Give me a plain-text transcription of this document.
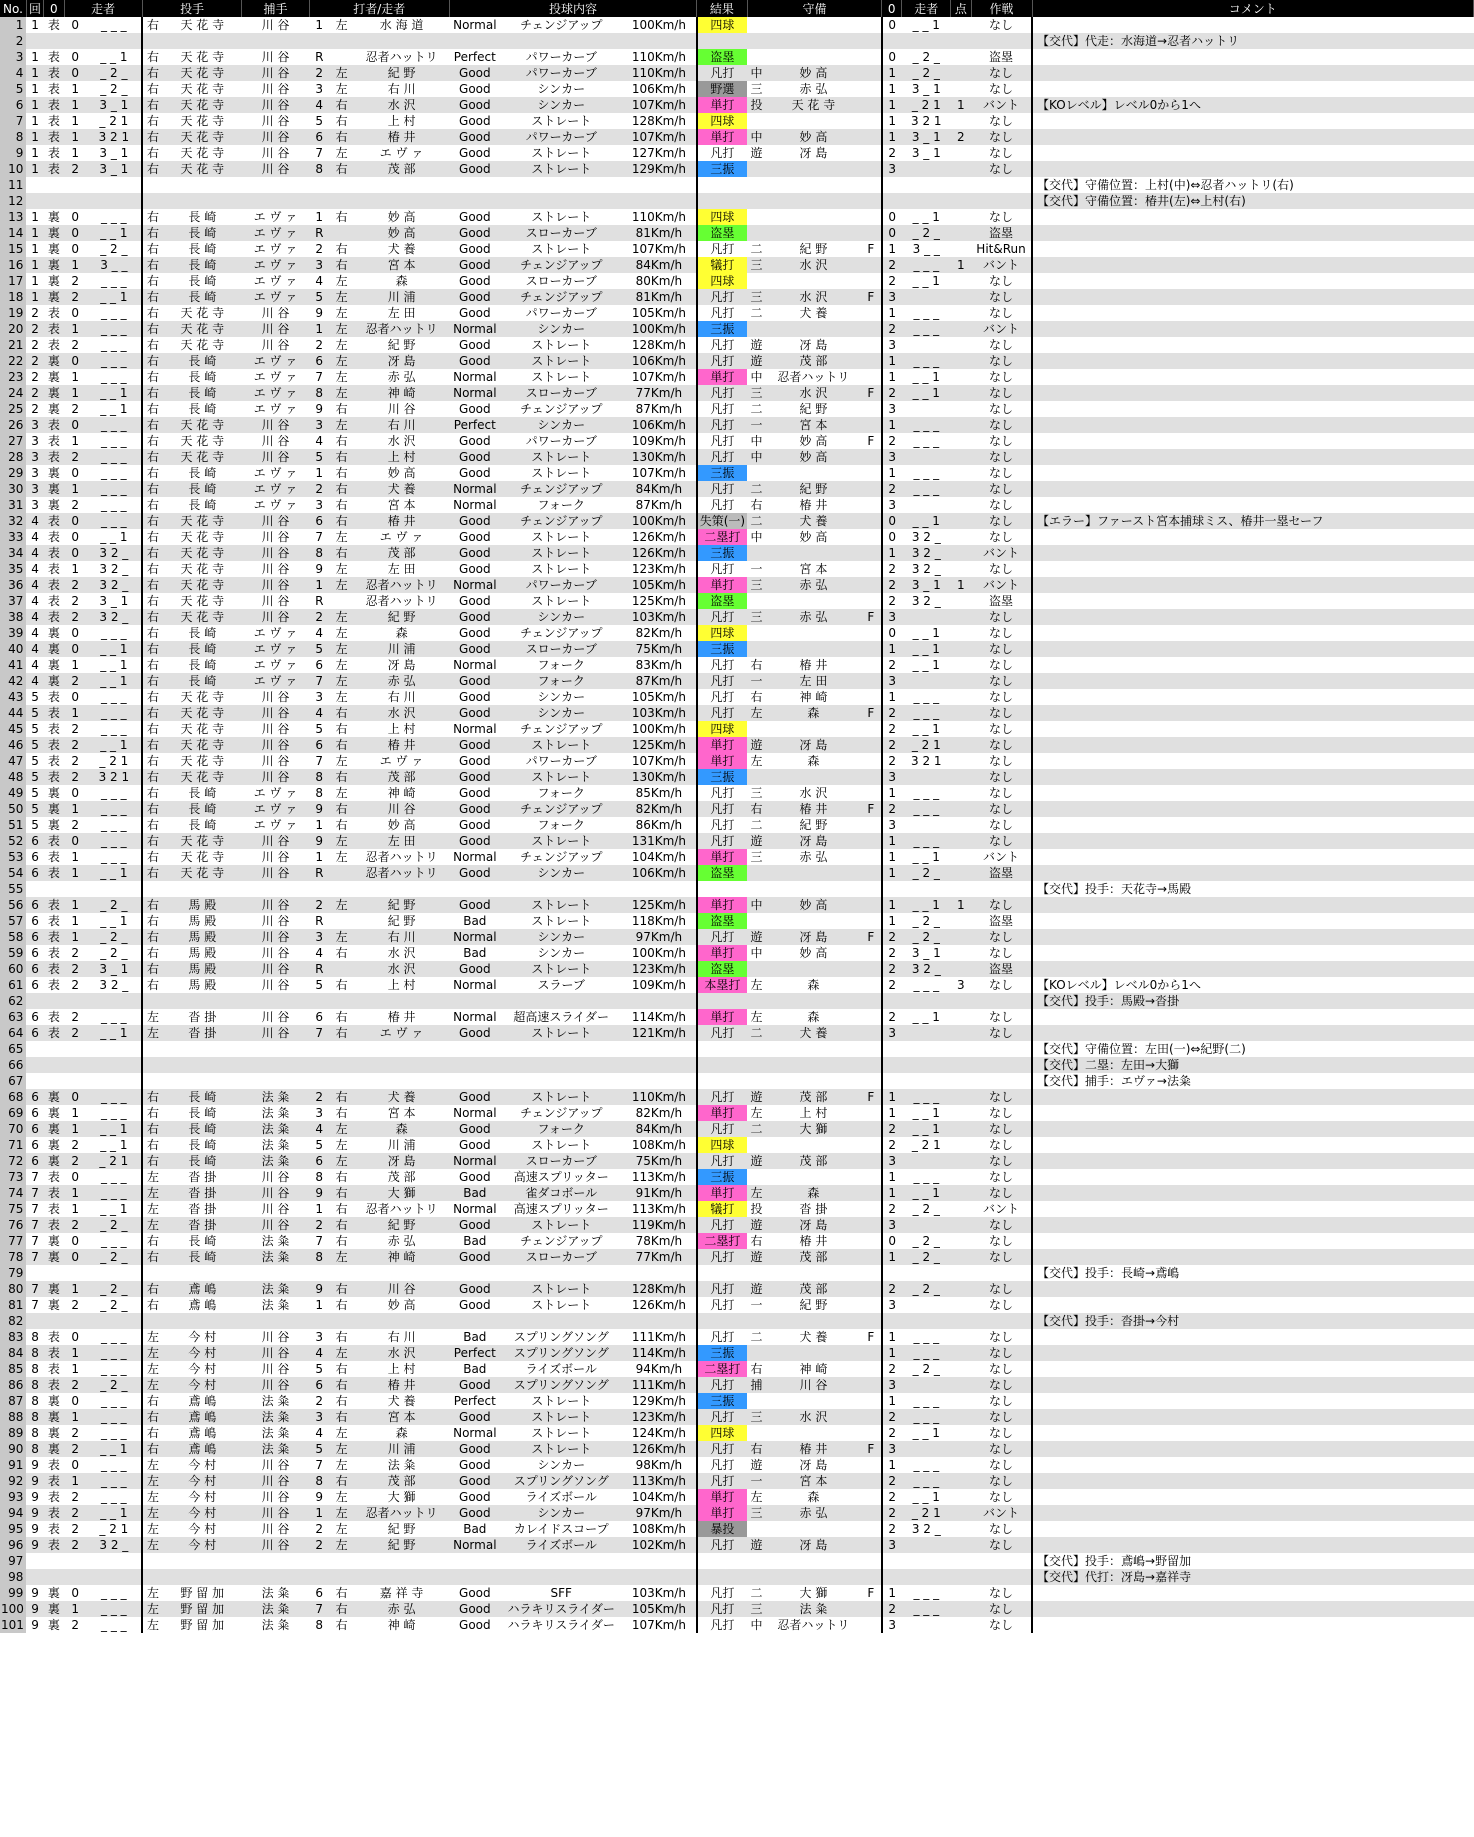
No.	回	0	走者		投手		捕手	打者/走者			投球内容			結果	守備			0	走者	点	作戦	コメント
1	1	表	0	_ _ _	右	天 花 寺	川 谷	1	左	水 海 道	Normal	チェンジアップ	100Km/h	四球				0	_ _ 1		なし	
2																						【交代】代走：水海道→忍者ハットリ
3	1	表	0	_ _ 1	右	天 花 寺	川 谷	R		忍者ハットリ	Perfect	パワーカーブ	110Km/h	盗塁				0	_ 2 _		盗塁	
4	1	表	0	_ 2 _	右	天 花 寺	川 谷	2	左	紀 野	Good	パワーカーブ	110Km/h	凡打	中	妙 高		1	_ 2 _		なし	
5	1	表	1	_ 2 _	右	天 花 寺	川 谷	3	左	右 川	Good	シンカー	106Km/h	野選	三	赤 弘		1	3 _ 1		なし	
6	1	表	1	3 _ 1	右	天 花 寺	川 谷	4	右	水 沢	Good	シンカー	107Km/h	単打	投	天 花 寺		1	_ 2 1	1	バント	【KOレベル】レベル0から1へ
7	1	表	1	_ 2 1	右	天 花 寺	川 谷	5	右	上 村	Good	ストレート	128Km/h	四球				1	3 2 1		なし	
8	1	表	1	3 2 1	右	天 花 寺	川 谷	6	右	椿 井	Good	パワーカーブ	107Km/h	単打	中	妙 高		1	3 _ 1	2	なし	
9	1	表	1	3 _ 1	右	天 花 寺	川 谷	7	左	エ ヴ ァ	Good	ストレート	127Km/h	凡打	遊	冴 島		2	3 _ 1		なし	
10	1	表	2	3 _ 1	右	天 花 寺	川 谷	8	右	茂 部	Good	ストレート	129Km/h	三振				3			なし	
11																						【交代】守備位置：上村(中)⇔忍者ハットリ(右)
12																						【交代】守備位置：椿井(左)⇔上村(右)
13	1	裏	0	_ _ _	右	長 崎	エ ヴ ァ	1	右	妙 高	Good	ストレート	110Km/h	四球				0	_ _ 1		なし	
14	1	裏	0	_ _ 1	右	長 崎	エ ヴ ァ	R		妙 高	Good	スローカーブ	81Km/h	盗塁				0	_ 2 _		盗塁	
15	1	裏	0	_ 2 _	右	長 崎	エ ヴ ァ	2	右	犬 養	Good	ストレート	107Km/h	凡打	二	紀 野	F	1	3 _ _		Hit&Run	
16	1	裏	1	3 _ _	右	長 崎	エ ヴ ァ	3	右	宮 本	Good	チェンジアップ	84Km/h	犠打	三	水 沢		2	_ _ _	1	バント	
17	1	裏	2	_ _ _	右	長 崎	エ ヴ ァ	4	左	森	Good	スローカーブ	80Km/h	四球				2	_ _ 1		なし	
18	1	裏	2	_ _ 1	右	長 崎	エ ヴ ァ	5	左	川 浦	Good	チェンジアップ	81Km/h	凡打	三	水 沢	F	3			なし	
19	2	表	0	_ _ _	右	天 花 寺	川 谷	9	左	左 田	Good	パワーカーブ	105Km/h	凡打	二	犬 養		1	_ _ _		なし	
20	2	表	1	_ _ _	右	天 花 寺	川 谷	1	左	忍者ハットリ	Normal	シンカー	100Km/h	三振				2	_ _ _		バント	
21	2	表	2	_ _ _	右	天 花 寺	川 谷	2	左	紀 野	Good	ストレート	128Km/h	凡打	遊	冴 島		3			なし	
22	2	裏	0	_ _ _	右	長 崎	エ ヴ ァ	6	左	冴 島	Good	ストレート	106Km/h	凡打	遊	茂 部		1	_ _ _		なし	
23	2	裏	1	_ _ _	右	長 崎	エ ヴ ァ	7	左	赤 弘	Normal	ストレート	107Km/h	単打	中	忍者ハットリ		1	_ _ 1		なし	
24	2	裏	1	_ _ 1	右	長 崎	エ ヴ ァ	8	左	神 崎	Normal	スローカーブ	77Km/h	凡打	三	水 沢	F	2	_ _ 1		なし	
25	2	裏	2	_ _ 1	右	長 崎	エ ヴ ァ	9	右	川 谷	Good	チェンジアップ	87Km/h	凡打	二	紀 野		3			なし	
26	3	表	0	_ _ _	右	天 花 寺	川 谷	3	左	右 川	Perfect	シンカー	106Km/h	凡打	一	宮 本		1	_ _ _		なし	
27	3	表	1	_ _ _	右	天 花 寺	川 谷	4	右	水 沢	Good	パワーカーブ	109Km/h	凡打	中	妙 高	F	2	_ _ _		なし	
28	3	表	2	_ _ _	右	天 花 寺	川 谷	5	右	上 村	Good	ストレート	130Km/h	凡打	中	妙 高		3			なし	
29	3	裏	0	_ _ _	右	長 崎	エ ヴ ァ	1	右	妙 高	Good	ストレート	107Km/h	三振				1	_ _ _		なし	
30	3	裏	1	_ _ _	右	長 崎	エ ヴ ァ	2	右	犬 養	Normal	チェンジアップ	84Km/h	凡打	二	紀 野		2	_ _ _		なし	
31	3	裏	2	_ _ _	右	長 崎	エ ヴ ァ	3	右	宮 本	Normal	フォーク	87Km/h	凡打	右	椿 井		3			なし	
32	4	表	0	_ _ _	右	天 花 寺	川 谷	6	右	椿 井	Good	チェンジアップ	100Km/h	失策(一)	二	犬 養		0	_ _ 1		なし	【エラー】ファースト宮本捕球ミス、椿井一塁セーフ
33	4	表	0	_ _ 1	右	天 花 寺	川 谷	7	左	エ ヴ ァ	Good	ストレート	126Km/h	二塁打	中	妙 高		0	3 2 _		なし	
34	4	表	0	3 2 _	右	天 花 寺	川 谷	8	右	茂 部	Good	ストレート	126Km/h	三振				1	3 2 _		バント	
35	4	表	1	3 2 _	右	天 花 寺	川 谷	9	左	左 田	Good	ストレート	123Km/h	凡打	一	宮 本		2	3 2 _		なし	
36	4	表	2	3 2 _	右	天 花 寺	川 谷	1	左	忍者ハットリ	Normal	パワーカーブ	105Km/h	単打	三	赤 弘		2	3 _ 1	1	バント	
37	4	表	2	3 _ 1	右	天 花 寺	川 谷	R		忍者ハットリ	Good	ストレート	125Km/h	盗塁				2	3 2 _		盗塁	
38	4	表	2	3 2 _	右	天 花 寺	川 谷	2	左	紀 野	Good	シンカー	103Km/h	凡打	三	赤 弘	F	3			なし	
39	4	裏	0	_ _ _	右	長 崎	エ ヴ ァ	4	左	森	Good	チェンジアップ	82Km/h	四球				0	_ _ 1		なし	
40	4	裏	0	_ _ 1	右	長 崎	エ ヴ ァ	5	左	川 浦	Good	スローカーブ	75Km/h	三振				1	_ _ 1		なし	
41	4	裏	1	_ _ 1	右	長 崎	エ ヴ ァ	6	左	冴 島	Normal	フォーク	83Km/h	凡打	右	椿 井		2	_ _ 1		なし	
42	4	裏	2	_ _ 1	右	長 崎	エ ヴ ァ	7	左	赤 弘	Good	フォーク	87Km/h	凡打	一	左 田		3			なし	
43	5	表	0	_ _ _	右	天 花 寺	川 谷	3	左	右 川	Good	シンカー	105Km/h	凡打	右	神 崎		1	_ _ _		なし	
44	5	表	1	_ _ _	右	天 花 寺	川 谷	4	右	水 沢	Good	シンカー	103Km/h	凡打	左	森	F	2	_ _ _		なし	
45	5	表	2	_ _ _	右	天 花 寺	川 谷	5	右	上 村	Normal	チェンジアップ	100Km/h	四球				2	_ _ 1		なし	
46	5	表	2	_ _ 1	右	天 花 寺	川 谷	6	右	椿 井	Good	ストレート	125Km/h	単打	遊	冴 島		2	_ 2 1		なし	
47	5	表	2	_ 2 1	右	天 花 寺	川 谷	7	左	エ ヴ ァ	Good	パワーカーブ	107Km/h	単打	左	森		2	3 2 1		なし	
48	5	表	2	3 2 1	右	天 花 寺	川 谷	8	右	茂 部	Good	ストレート	130Km/h	三振				3			なし	
49	5	裏	0	_ _ _	右	長 崎	エ ヴ ァ	8	左	神 崎	Good	フォーク	85Km/h	凡打	三	水 沢		1	_ _ _		なし	
50	5	裏	1	_ _ _	右	長 崎	エ ヴ ァ	9	右	川 谷	Good	チェンジアップ	82Km/h	凡打	右	椿 井	F	2	_ _ _		なし	
51	5	裏	2	_ _ _	右	長 崎	エ ヴ ァ	1	右	妙 高	Good	フォーク	86Km/h	凡打	二	紀 野		3			なし	
52	6	表	0	_ _ _	右	天 花 寺	川 谷	9	左	左 田	Good	ストレート	131Km/h	凡打	遊	冴 島		1	_ _ _		なし	
53	6	表	1	_ _ _	右	天 花 寺	川 谷	1	左	忍者ハットリ	Normal	チェンジアップ	104Km/h	単打	三	赤 弘		1	_ _ 1		バント	
54	6	表	1	_ _ 1	右	天 花 寺	川 谷	R		忍者ハットリ	Good	シンカー	106Km/h	盗塁				1	_ 2 _		盗塁	
55																						【交代】投手：天花寺→馬殿
56	6	表	1	_ 2 _	右	馬 殿	川 谷	2	左	紀 野	Good	ストレート	125Km/h	単打	中	妙 高		1	_ _ 1	1	なし	
57	6	表	1	_ _ 1	右	馬 殿	川 谷	R		紀 野	Bad	ストレート	118Km/h	盗塁				1	_ 2 _		盗塁	
58	6	表	1	_ 2 _	右	馬 殿	川 谷	3	左	右 川	Normal	シンカー	97Km/h	凡打	遊	冴 島	F	2	_ 2 _		なし	
59	6	表	2	_ 2 _	右	馬 殿	川 谷	4	右	水 沢	Bad	シンカー	100Km/h	単打	中	妙 高		2	3 _ 1		なし	
60	6	表	2	3 _ 1	右	馬 殿	川 谷	R		水 沢	Good	ストレート	123Km/h	盗塁				2	3 2 _		盗塁	
61	6	表	2	3 2 _	右	馬 殿	川 谷	5	右	上 村	Normal	スラーブ	109Km/h	本塁打	左	森		2	_ _ _	3	なし	【KOレベル】レベル0から1へ
62																						【交代】投手：馬殿→沓掛
63	6	表	2	_ _ _	左	沓 掛	川 谷	6	右	椿 井	Normal	超高速スライダー	114Km/h	単打	左	森		2	_ _ 1		なし	
64	6	表	2	_ _ 1	左	沓 掛	川 谷	7	右	エ ヴ ァ	Good	ストレート	121Km/h	凡打	二	犬 養		3			なし	
65																						【交代】守備位置：左田(一)⇔紀野(二)
66																						【交代】二塁：左田→大獅
67																						【交代】捕手：エヴァ→法粂
68	6	裏	0	_ _ _	右	長 崎	法 粂	2	右	犬 養	Good	ストレート	110Km/h	凡打	遊	茂 部	F	1	_ _ _		なし	
69	6	裏	1	_ _ _	右	長 崎	法 粂	3	右	宮 本	Normal	チェンジアップ	82Km/h	単打	左	上 村		1	_ _ 1		なし	
70	6	裏	1	_ _ 1	右	長 崎	法 粂	4	左	森	Good	フォーク	84Km/h	凡打	二	大 獅		2	_ _ 1		なし	
71	6	裏	2	_ _ 1	右	長 崎	法 粂	5	左	川 浦	Good	ストレート	108Km/h	四球				2	_ 2 1		なし	
72	6	裏	2	_ 2 1	右	長 崎	法 粂	6	左	冴 島	Normal	スローカーブ	75Km/h	凡打	遊	茂 部		3			なし	
73	7	表	0	_ _ _	左	沓 掛	川 谷	8	右	茂 部	Good	高速スプリッター	113Km/h	三振				1	_ _ _		なし	
74	7	表	1	_ _ _	左	沓 掛	川 谷	9	右	大 獅	Bad	雀ダコボール	91Km/h	単打	左	森		1	_ _ 1		なし	
75	7	表	1	_ _ 1	左	沓 掛	川 谷	1	右	忍者ハットリ	Normal	高速スプリッター	113Km/h	犠打	投	沓 掛		2	_ 2 _		バント	
76	7	表	2	_ 2 _	左	沓 掛	川 谷	2	右	紀 野	Good	ストレート	119Km/h	凡打	遊	冴 島		3			なし	
77	7	裏	0	_ _ _	右	長 崎	法 粂	7	右	赤 弘	Bad	チェンジアップ	78Km/h	二塁打	右	椿 井		0	_ 2 _		なし	
78	7	裏	0	_ 2 _	右	長 崎	法 粂	8	左	神 崎	Good	スローカーブ	77Km/h	凡打	遊	茂 部		1	_ 2 _		なし	
79																						【交代】投手：長崎→鳶嶋
80	7	裏	1	_ 2 _	右	鳶 嶋	法 粂	9	右	川 谷	Good	ストレート	128Km/h	凡打	遊	茂 部		2	_ 2 _		なし	
81	7	裏	2	_ 2 _	右	鳶 嶋	法 粂	1	右	妙 高	Good	ストレート	126Km/h	凡打	一	紀 野		3			なし	
82																						【交代】投手：沓掛→今村
83	8	表	0	_ _ _	左	今 村	川 谷	3	右	右 川	Bad	スプリングソング	111Km/h	凡打	二	犬 養	F	1	_ _ _		なし	
84	8	表	1	_ _ _	左	今 村	川 谷	4	左	水 沢	Perfect	スプリングソング	114Km/h	三振				1	_ _ _		なし	
85	8	表	1	_ _ _	左	今 村	川 谷	5	右	上 村	Bad	ライズボール	94Km/h	二塁打	右	神 崎		2	_ 2 _		なし	
86	8	表	2	_ 2 _	左	今 村	川 谷	6	右	椿 井	Good	スプリングソング	111Km/h	凡打	捕	川 谷		3			なし	
87	8	裏	0	_ _ _	右	鳶 嶋	法 粂	2	右	犬 養	Perfect	ストレート	129Km/h	三振				1	_ _ _		なし	
88	8	裏	1	_ _ _	右	鳶 嶋	法 粂	3	右	宮 本	Good	ストレート	123Km/h	凡打	三	水 沢		2	_ _ _		なし	
89	8	裏	2	_ _ _	右	鳶 嶋	法 粂	4	左	森	Normal	ストレート	124Km/h	四球				2	_ _ 1		なし	
90	8	裏	2	_ _ 1	右	鳶 嶋	法 粂	5	左	川 浦	Good	ストレート	126Km/h	凡打	右	椿 井	F	3			なし	
91	9	表	0	_ _ _	左	今 村	川 谷	7	左	法 粂	Good	シンカー	98Km/h	凡打	遊	冴 島		1	_ _ _		なし	
92	9	表	1	_ _ _	左	今 村	川 谷	8	右	茂 部	Good	スプリングソング	113Km/h	凡打	一	宮 本		2	_ _ _		なし	
93	9	表	2	_ _ _	左	今 村	川 谷	9	左	大 獅	Good	ライズボール	104Km/h	単打	左	森		2	_ _ 1		なし	
94	9	表	2	_ _ 1	左	今 村	川 谷	1	左	忍者ハットリ	Good	シンカー	97Km/h	単打	三	赤 弘		2	_ 2 1		バント	
95	9	表	2	_ 2 1	左	今 村	川 谷	2	左	紀 野	Bad	カレイドスコープ	108Km/h	暴投				2	3 2 _		なし	
96	9	表	2	3 2 _	左	今 村	川 谷	2	左	紀 野	Normal	ライズボール	102Km/h	凡打	遊	冴 島		3			なし	
97																						【交代】投手：鳶嶋→野留加
98																						【交代】代打：冴島→嘉祥寺
99	9	裏	0	_ _ _	左	野 留 加	法 粂	6	右	嘉 祥 寺	Good	SFF	103Km/h	凡打	二	大 獅	F	1	_ _ _		なし	
100	9	裏	1	_ _ _	左	野 留 加	法 粂	7	右	赤 弘	Good	ハラキリスライダー	105Km/h	凡打	三	法 粂		2	_ _ _		なし	
101	9	裏	2	_ _ _	左	野 留 加	法 粂	8	右	神 崎	Good	ハラキリスライダー	107Km/h	凡打	中	忍者ハットリ		3			なし	
